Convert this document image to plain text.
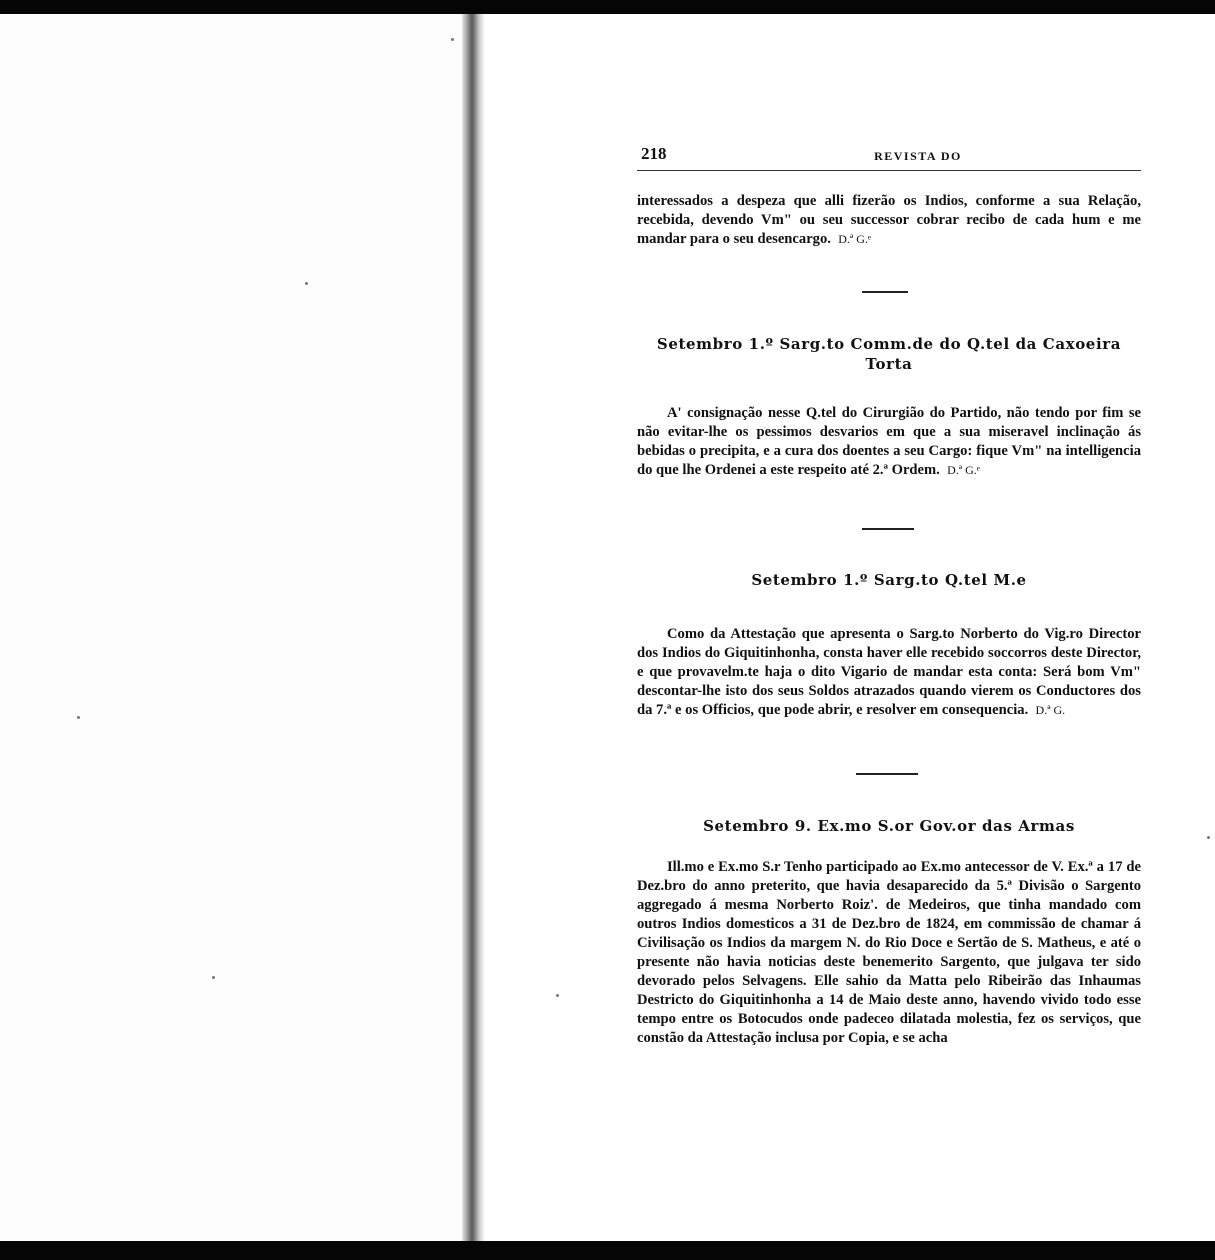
218	REVISTA DO

interessados a despeza que alli fizerão os Indios, conforme a sua Relação, recebida, devendo Vm" ou seu successor cobrar recibo de cada hum e me mandar para o seu desencargo. D.ª G.ᵉ

Setembro 1.º Sarg.to Comm.de do Q.tel da Caxoeira Torta

A' consignação nesse Q.tel do Cirurgião do Partido, não tendo por fim se não evitar-lhe os pessimos desvarios em que a sua miseravel inclinação ás bebidas o precipita, e a cura dos doentes a seu Cargo: fique Vm" na intelligencia do que lhe Ordenei a este respeito até 2.ª Ordem. D.ª G.ᵉ

Setembro 1.º Sarg.to Q.tel M.e

Como da Attestação que apresenta o Sarg.to Norberto do Vig.ro Director dos Indios do Giquitinhonha, consta haver elle recebido soccorros deste Director, e que provavelm.te haja o dito Vigario de mandar esta conta: Será bom Vm" descontar-lhe isto dos seus Soldos atrazados quando vierem os Conductores dos da 7.ª e os Officios, que pode abrir, e resolver em consequencia. D.ª G.

Setembro 9. Ex.mo S.or Gov.or das Armas

Ill.mo e Ex.mo S.r Tenho participado ao Ex.mo antecessor de V. Ex.ª a 17 de Dez.bro do anno preterito, que havia desaparecido da 5.ª Divisão o Sargento aggregado á mesma Norberto Roiz'. de Medeiros, que tinha mandado com outros Indios domesticos a 31 de Dez.bro de 1824, em commissão de chamar á Civilisação os Indios da margem N. do Rio Doce e Sertão de S. Matheus, e até o presente não havia noticias deste benemerito Sargento, que julgava ter sido devorado pelos Selvagens. Elle sahio da Matta pelo Ribeirão das Inhaumas Destricto do Giquitinhonha a 14 de Maio deste anno, havendo vivido todo esse tempo entre os Botocudos onde padeceo dilatada molestia, fez os serviços, que constão da Attestação inclusa por Copia, e se acha
